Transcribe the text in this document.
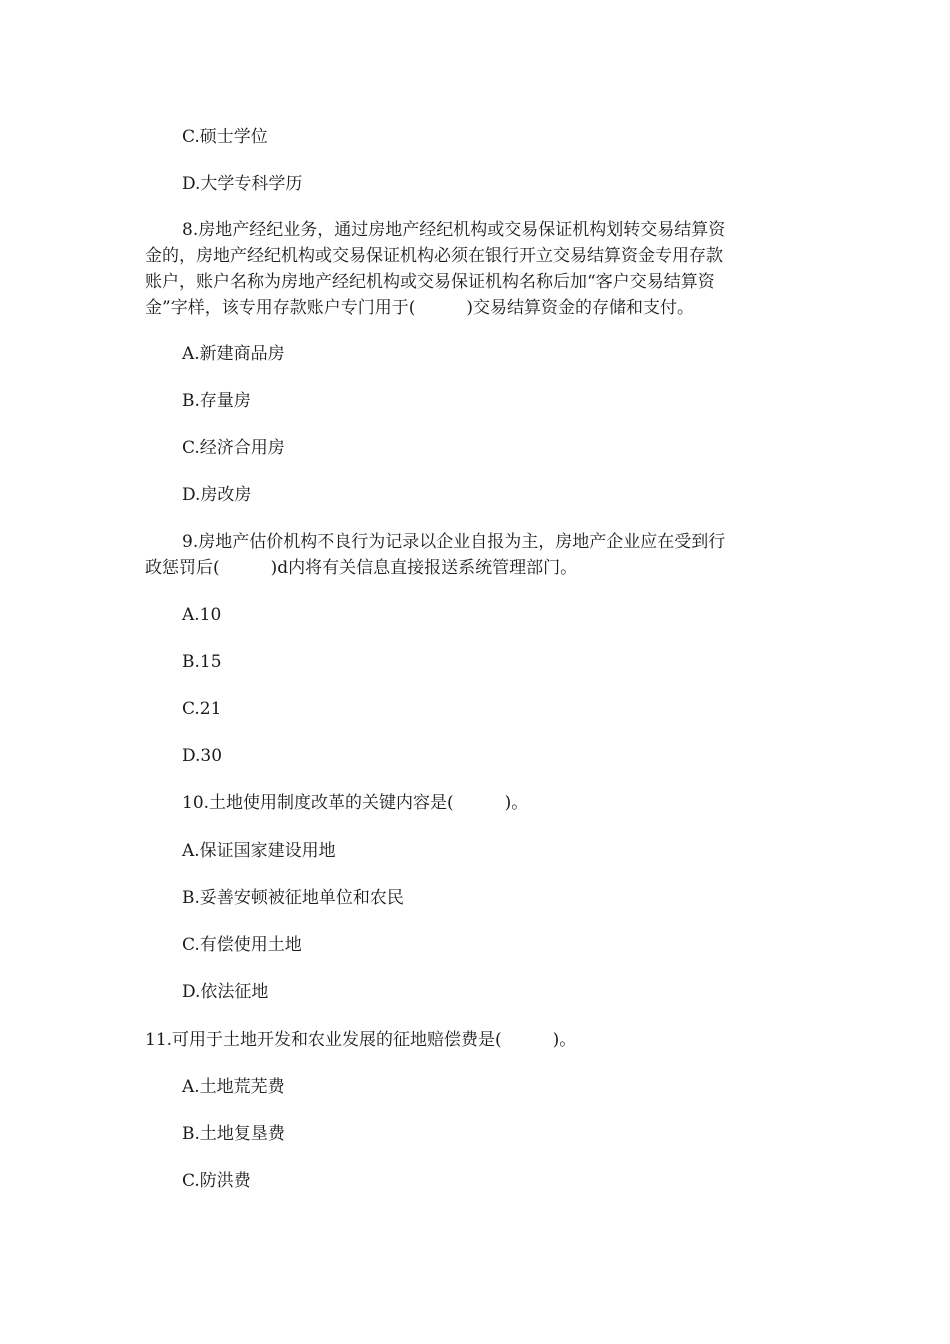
C.硕士学位
D.大学专科学历
8.房地产经纪业务，通过房地产经纪机构或交易保证机构划转交易结算资
金的，房地产经纪机构或交易保证机构必须在银行开立交易结算资金专用存款
账户，账户名称为房地产经纪机构或交易保证机构名称后加“客户交易结算资
金”字样，该专用存款账户专门用于(　　　)交易结算资金的存储和支付。
A.新建商品房
B.存量房
C.经济合用房
D.房改房
9.房地产估价机构不良行为记录以企业自报为主，房地产企业应在受到行
政惩罚后(　　　)d内将有关信息直接报送系统管理部门。
A.10
B.15
C.21
D.30
10.土地使用制度改革的关键内容是(　　　)。
A.保证国家建设用地
B.妥善安顿被征地单位和农民
C.有偿使用土地
D.依法征地
11.可用于土地开发和农业发展的征地赔偿费是(　　　)。
A.土地荒芜费
B.土地复垦费
C.防洪费
